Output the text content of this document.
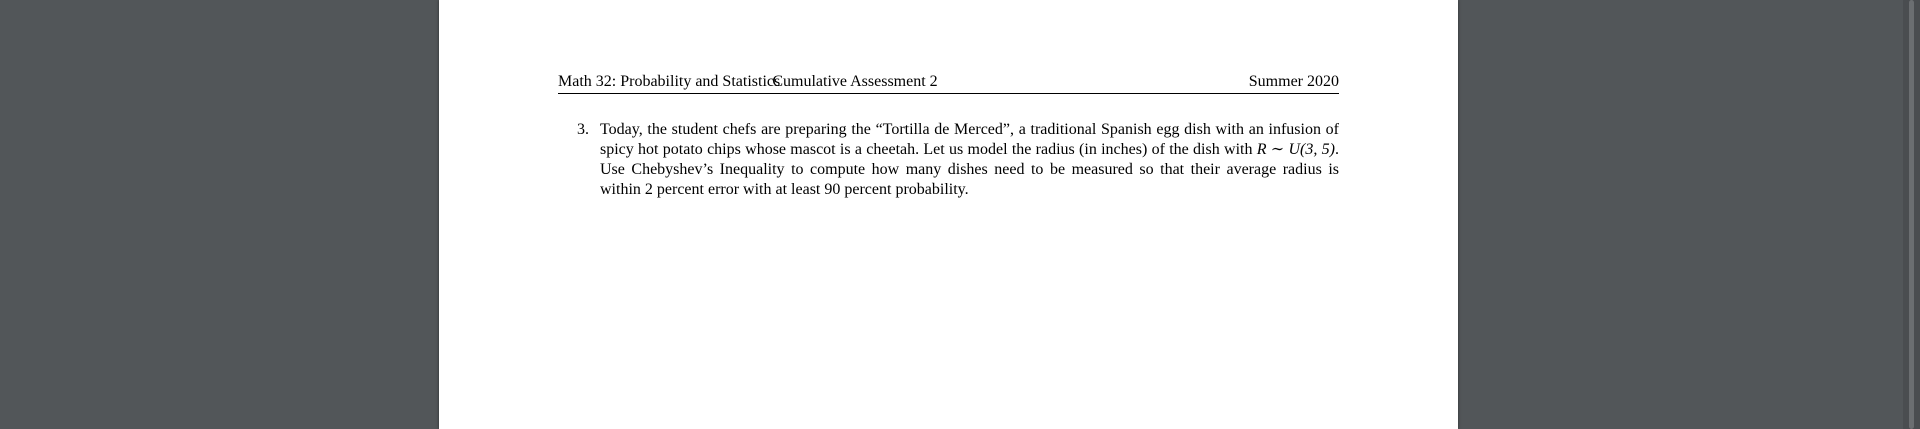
Math 32: Probability and Statistics
Cumulative Assessment 2	Summer 2020
3. Today, the student chefs are preparing the “Tortilla de Merced”, a traditional Spanish egg dish with an infusion of spicy hot potato chips whose mascot is a cheetah. Let us model the radius (in inches) of the dish with R ∼ U(3, 5). Use Chebyshev’s Inequality to compute how many dishes need to be measured so that their average radius is within 2 percent error with at least 90 percent probability.
